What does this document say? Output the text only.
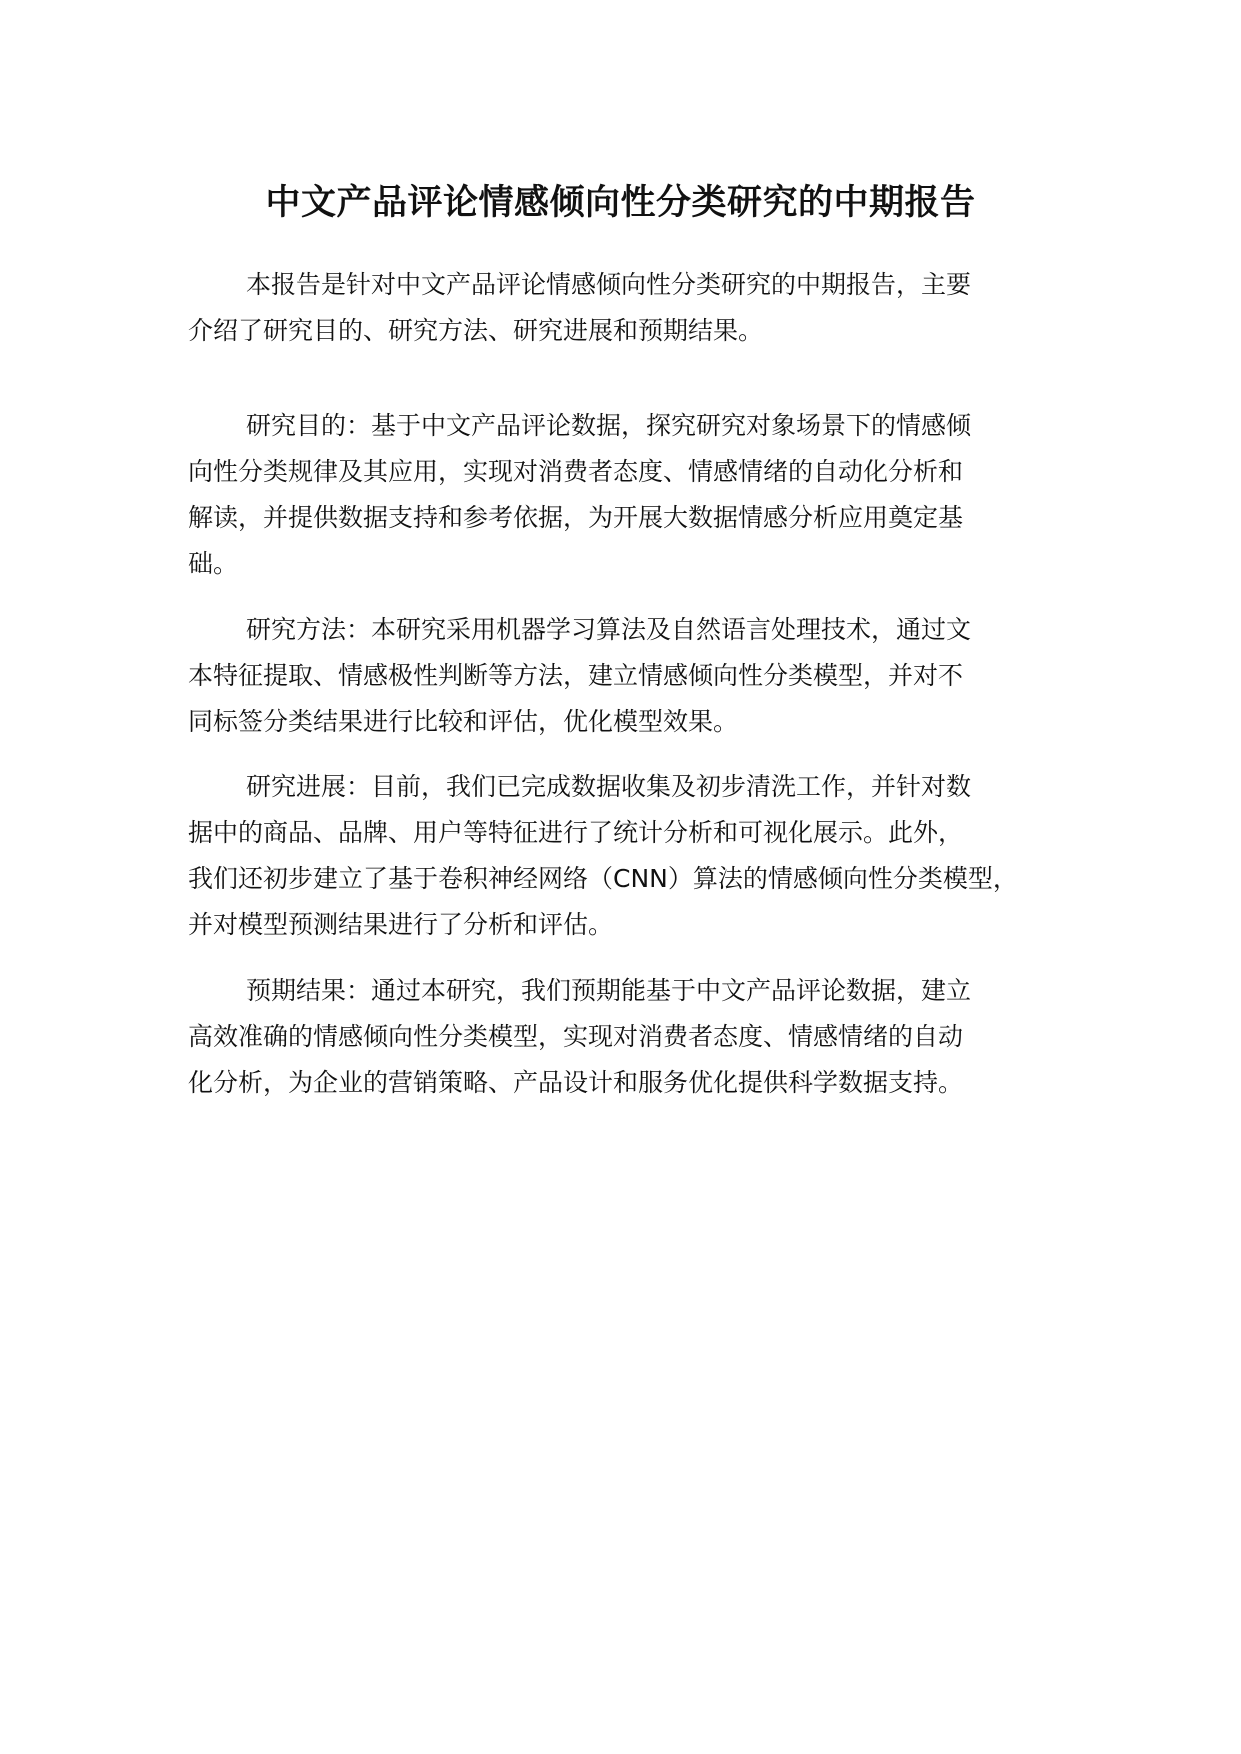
中文产品评论情感倾向性分类研究的中期报告

本报告是针对中文产品评论情感倾向性分类研究的中期报告，主要
介绍了研究目的、研究方法、研究进展和预期结果。

研究目的：基于中文产品评论数据，探究研究对象场景下的情感倾
向性分类规律及其应用，实现对消费者态度、情感情绪的自动化分析和
解读，并提供数据支持和参考依据，为开展大数据情感分析应用奠定基
础。

研究方法：本研究采用机器学习算法及自然语言处理技术，通过文
本特征提取、情感极性判断等方法，建立情感倾向性分类模型，并对不
同标签分类结果进行比较和评估，优化模型效果。

研究进展：目前，我们已完成数据收集及初步清洗工作，并针对数
据中的商品、品牌、用户等特征进行了统计分析和可视化展示。此外，
我们还初步建立了基于卷积神经网络（CNN）算法的情感倾向性分类模型，
并对模型预测结果进行了分析和评估。

预期结果：通过本研究，我们预期能基于中文产品评论数据，建立
高效准确的情感倾向性分类模型，实现对消费者态度、情感情绪的自动
化分析，为企业的营销策略、产品设计和服务优化提供科学数据支持。
